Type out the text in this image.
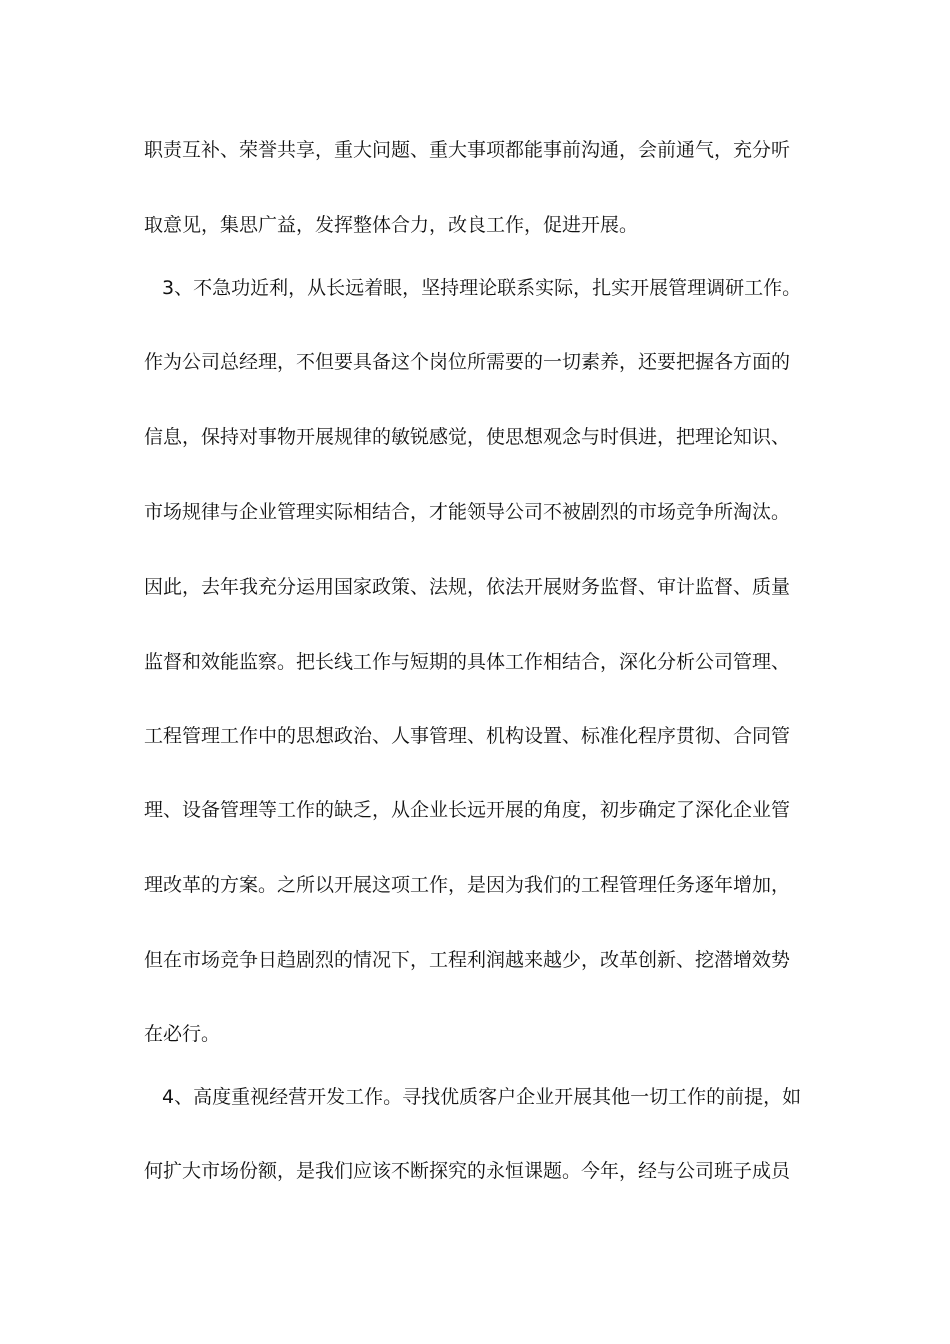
职责互补、荣誉共享，重大问题、重大事项都能事前沟通，会前通气，充分听
取意见，集思广益，发挥整体合力，改良工作，促进开展。
3、不急功近利，从长远着眼，坚持理论联系实际，扎实开展管理调研工作。
作为公司总经理，不但要具备这个岗位所需要的一切素养，还要把握各方面的
信息，保持对事物开展规律的敏锐感觉，使思想观念与时俱进，把理论知识、
市场规律与企业管理实际相结合，才能领导公司不被剧烈的市场竞争所淘汰。
因此，去年我充分运用国家政策、法规，依法开展财务监督、审计监督、质量
监督和效能监察。把长线工作与短期的具体工作相结合，深化分析公司管理、
工程管理工作中的思想政治、人事管理、机构设置、标准化程序贯彻、合同管
理、设备管理等工作的缺乏，从企业长远开展的角度，初步确定了深化企业管
理改革的方案。之所以开展这项工作，是因为我们的工程管理任务逐年增加，
但在市场竞争日趋剧烈的情况下，工程利润越来越少，改革创新、挖潜增效势
在必行。
4、高度重视经营开发工作。寻找优质客户企业开展其他一切工作的前提，如
何扩大市场份额，是我们应该不断探究的永恒课题。今年，经与公司班子成员
